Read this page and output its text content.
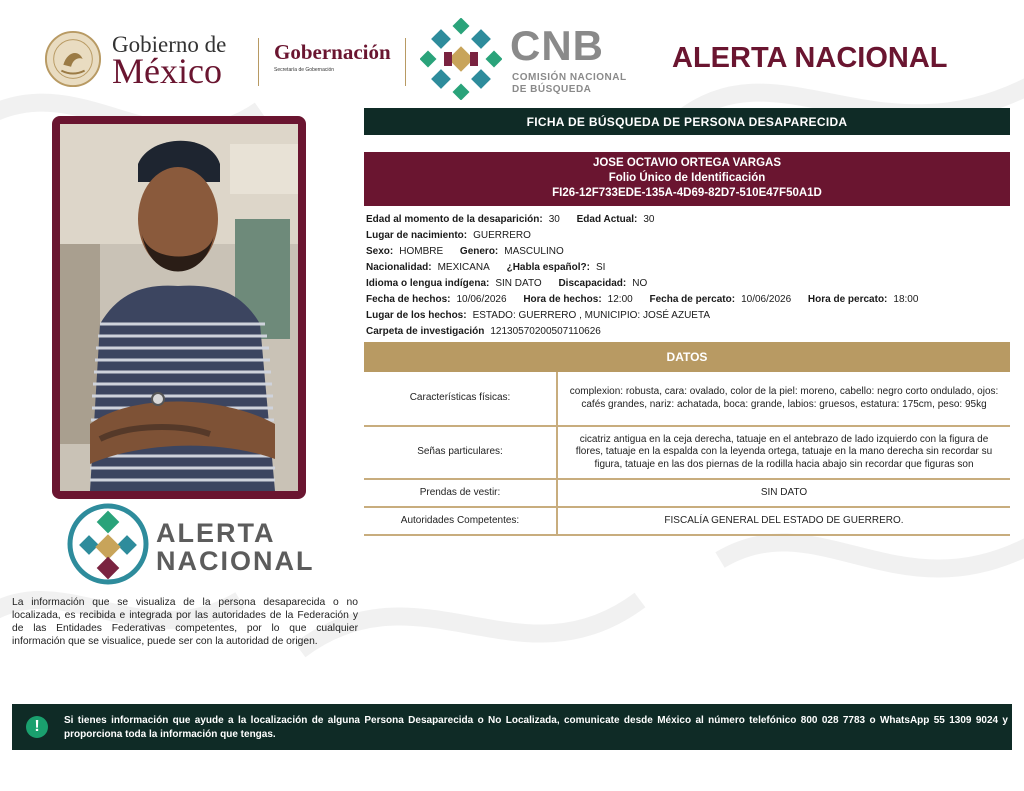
Gobierno de
México Gobernación
Secretaría de Gobernación
CNB
COMISIÓN NACIONAL
DE BÚSQUEDA
ALERTA NACIONAL
ALERTA
NACIONAL
La información que se visualiza de la persona desaparecida o no localizada, es recibida e integrada por las autoridades de la Federación y de las Entidades Federativas competentes, por lo que cualquier información que se visualice, puede ser con la autoridad de origen.
FICHA DE BÚSQUEDA DE PERSONA DESAPARECIDA
JOSE OCTAVIO ORTEGA VARGAS
Folio Único de Identificación
FI26-12F733EDE-135A-4D69-82D7-510E47F50A1D
Edad al momento de la desaparición: 30 Edad Actual: 30
Lugar de nacimiento: GUERRERO
Sexo: HOMBRE Genero: MASCULINO
Nacionalidad: MEXICANA ¿Habla español?: SI
Idioma o lengua indígena: SIN DATO Discapacidad: NO
Fecha de hechos: 10/06/2026 Hora de hechos: 12:00 Fecha de percato: 10/06/2026 Hora de percato: 18:00
Lugar de los hechos: ESTADO: GUERRERO , MUNICIPIO: JOSÉ AZUETA
Carpeta de investigación 12130570200507110626
DATOS
Características físicas:	complexion: robusta, cara: ovalado, color de la piel: moreno, cabello: negro corto ondulado, ojos: cafés grandes, nariz: achatada, boca: grande, labios: gruesos, estatura: 175cm, peso: 95kg
Señas particulares:	cicatriz antigua en la ceja derecha, tatuaje en el antebrazo de lado izquierdo con la figura de flores, tatuaje en la espalda con la leyenda ortega, tatuaje en la mano derecha sin recordar su figura, tatuaje en las dos piernas de la rodilla hacia abajo sin recordar que figuras son
Prendas de vestir:	SIN DATO
Autoridades Competentes:	FISCALÍA GENERAL DEL ESTADO DE GUERRERO.
!	Si tienes información que ayude a la localización de alguna Persona Desaparecida o No Localizada, comunicate desde México al número telefónico 800 028 7783 o WhatsApp 55 1309 9024 y proporciona toda la información que tengas.
